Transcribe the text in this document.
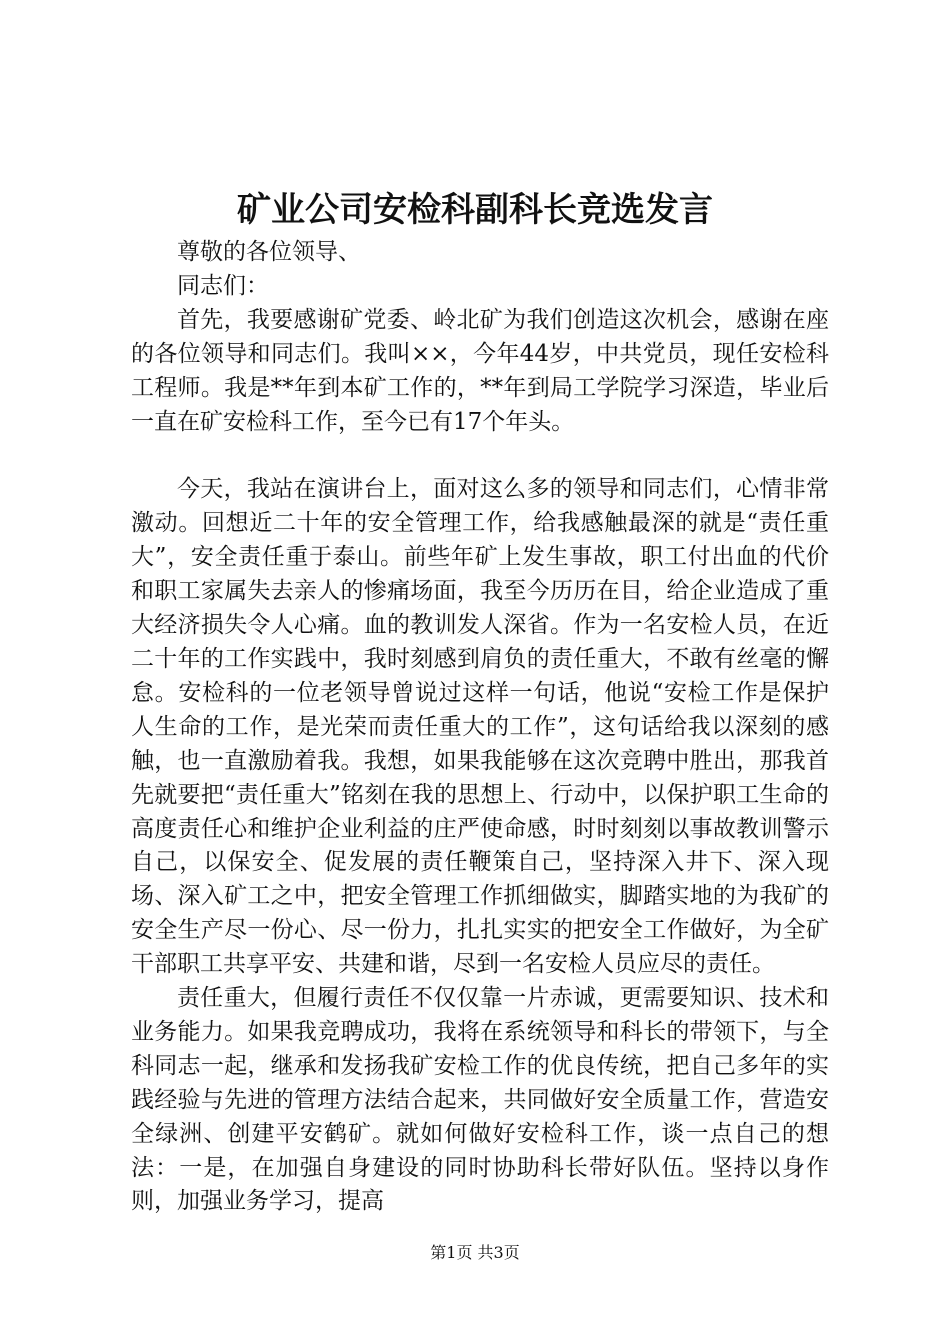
矿业公司安检科副科长竞选发言

尊敬的各位领导、

同志们：

首先，我要感谢矿党委、岭北矿为我们创造这次机会，感谢在座的各位领导和同志们。我叫××，今年44岁，中共党员，现任安检科工程师。我是**年到本矿工作的，**年到局工学院学习深造，毕业后一直在矿安检科工作，至今已有17个年头。

今天，我站在演讲台上，面对这么多的领导和同志们，心情非常激动。回想近二十年的安全管理工作，给我感触最深的就是“责任重大”，安全责任重于泰山。前些年矿上发生事故，职工付出血的代价和职工家属失去亲人的惨痛场面，我至今历历在目，给企业造成了重大经济损失令人心痛。血的教训发人深省。作为一名安检人员，在近二十年的工作实践中，我时刻感到肩负的责任重大，不敢有丝毫的懈怠。安检科的一位老领导曾说过这样一句话，他说“安检工作是保护人生命的工作，是光荣而责任重大的工作”，这句话给我以深刻的感触，也一直激励着我。我想，如果我能够在这次竞聘中胜出，那我首先就要把“责任重大”铭刻在我的思想上、行动中，以保护职工生命的高度责任心和维护企业利益的庄严使命感，时时刻刻以事故教训警示自己，以保安全、促发展的责任鞭策自己，坚持深入井下、深入现场、深入矿工之中，把安全管理工作抓细做实，脚踏实地的为我矿的安全生产尽一份心、尽一份力，扎扎实实的把安全工作做好，为全矿干部职工共享平安、共建和谐，尽到一名安检人员应尽的责任。

责任重大，但履行责任不仅仅靠一片赤诚，更需要知识、技术和业务能力。如果我竞聘成功，我将在系统领导和科长的带领下，与全科同志一起，继承和发扬我矿安检工作的优良传统，把自己多年的实践经验与先进的管理方法结合起来，共同做好安全质量工作，营造安全绿洲、创建平安鹤矿。就如何做好安检科工作，谈一点自己的想法：一是，在加强自身建设的同时协助科长带好队伍。坚持以身作则，加强业务学习，提高

第1页 共3页
